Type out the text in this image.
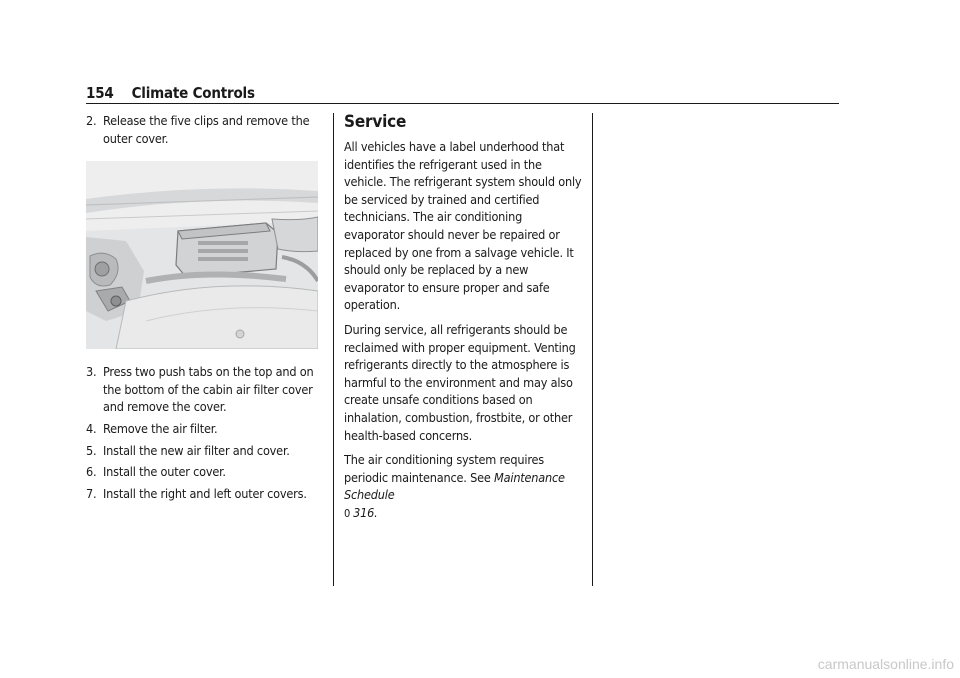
154 Climate Controls
2. Release the five clips and remove the outer cover.
3. Press two push tabs on the top and on the bottom of the cabin air filter cover and remove the cover.
4. Remove the air filter.
5. Install the new air filter and cover.
6. Install the outer cover.
7. Install the right and left outer covers.
Service

All vehicles have a label underhood that identifies the refrigerant used in the vehicle. The refrigerant system should only be serviced by trained and certified technicians. The air conditioning evaporator should never be repaired or replaced by one from a salvage vehicle. It should only be replaced by a new evaporator to ensure proper and safe operation.

During service, all refrigerants should be reclaimed with proper equipment. Venting refrigerants directly to the atmosphere is harmful to the environment and may also create unsafe conditions based on inhalation, combustion, frostbite, or other health-based concerns.

The air conditioning system requires periodic maintenance. See Maintenance Schedule
0 316.

carmanualsonline.info
